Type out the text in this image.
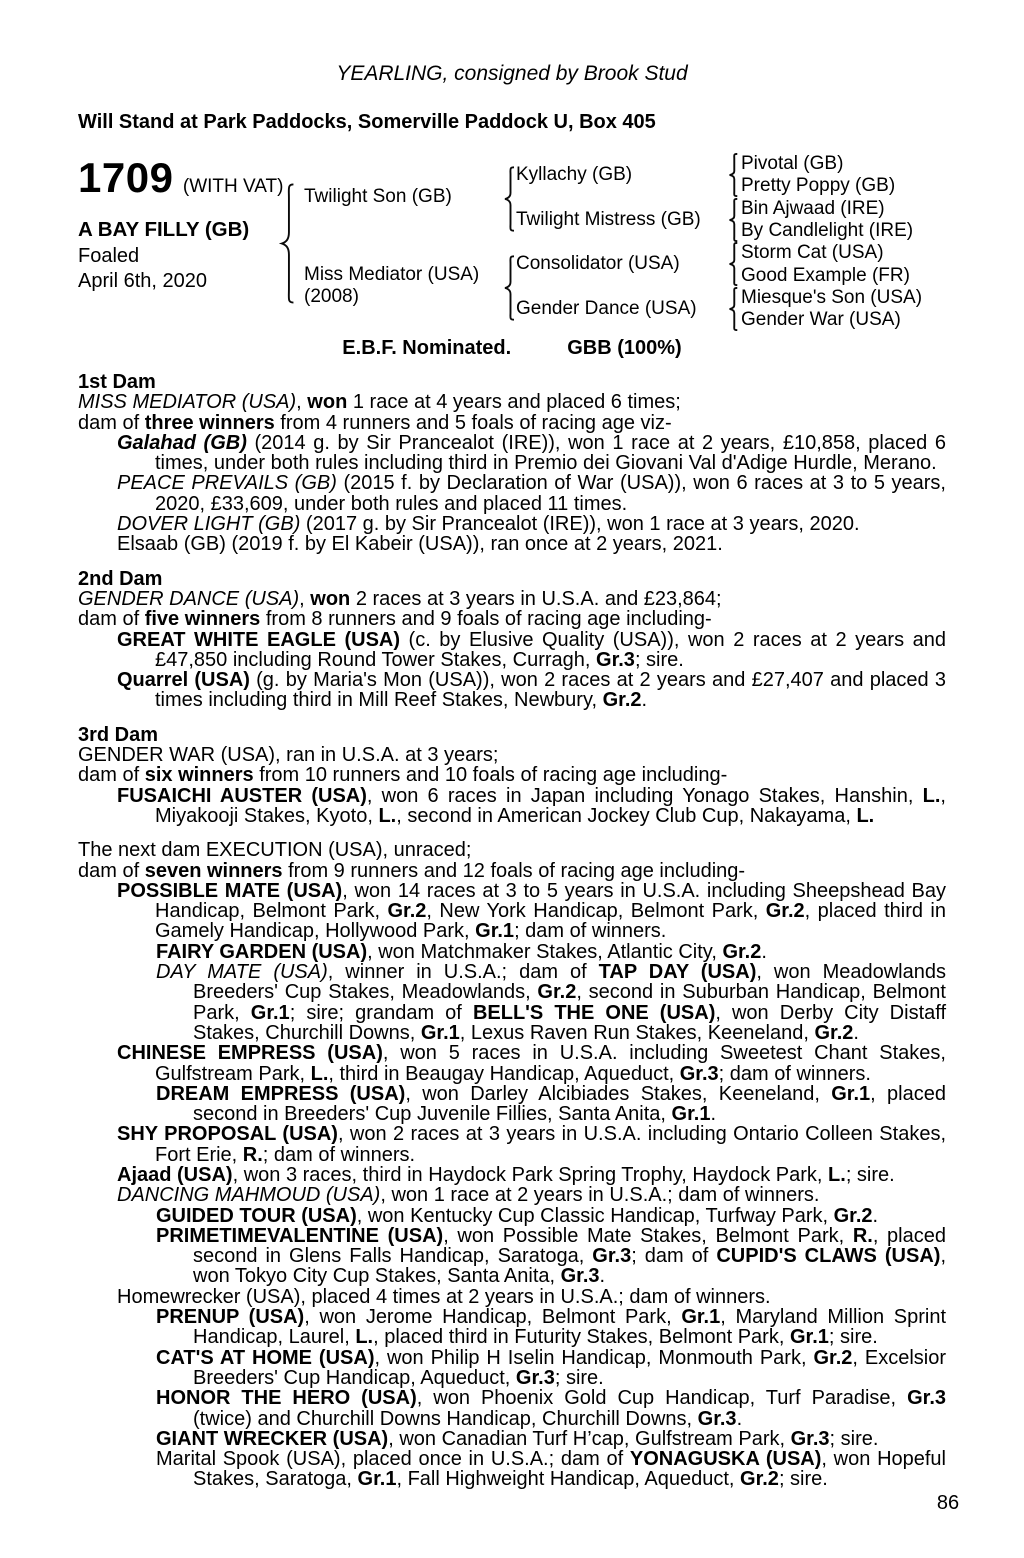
YEARLING, consigned by Brook Stud
Will Stand at Park Paddocks, Somerville Paddock U, Box 405
1709 (WITH VAT)
A BAY FILLY (GB)
Foaled
April 6th, 2020
Twilight Son (GB)
Miss Mediator (USA)
(2008)
Kyllachy (GB)
Twilight Mistress (GB)
Consolidator (USA)
Gender Dance (USA)
Pivotal (GB)
Pretty Poppy (GB)
Bin Ajwaad (IRE)
By Candlelight (IRE)
Storm Cat (USA)
Good Example (FR)
Miesque's Son (USA)
Gender War (USA)
E.B.F. Nominated.	GBB (100%)
1st Dam
MISS MEDIATOR (USA), won 1 race at 4 years and placed 6 times;
dam of three winners from 4 runners and 5 foals of racing age viz-
Galahad (GB) (2014 g. by Sir Prancealot (IRE)), won 1 race at 2 years, £10,858, placed 6 times, under both rules including third in Premio dei Giovani Val d'Adige Hurdle, Merano.
PEACE PREVAILS (GB) (2015 f. by Declaration of War (USA)), won 6 races at 3 to 5 years, 2020, £33,609, under both rules and placed 11 times.
DOVER LIGHT (GB) (2017 g. by Sir Prancealot (IRE)), won 1 race at 3 years, 2020.
Elsaab (GB) (2019 f. by El Kabeir (USA)), ran once at 2 years, 2021.
2nd Dam
GENDER DANCE (USA), won 2 races at 3 years in U.S.A. and £23,864;
dam of five winners from 8 runners and 9 foals of racing age including-
GREAT WHITE EAGLE (USA) (c. by Elusive Quality (USA)), won 2 races at 2 years and £47,850 including Round Tower Stakes, Curragh, Gr.3; sire.
Quarrel (USA) (g. by Maria's Mon (USA)), won 2 races at 2 years and £27,407 and placed 3 times including third in Mill Reef Stakes, Newbury, Gr.2.
3rd Dam
GENDER WAR (USA), ran in U.S.A. at 3 years;
dam of six winners from 10 runners and 10 foals of racing age including-
FUSAICHI AUSTER (USA), won 6 races in Japan including Yonago Stakes, Hanshin, L., Miyakooji Stakes, Kyoto, L., second in American Jockey Club Cup, Nakayama, L.
The next dam EXECUTION (USA), unraced;
dam of seven winners from 9 runners and 12 foals of racing age including-
POSSIBLE MATE (USA), won 14 races at 3 to 5 years in U.S.A. including Sheepshead Bay Handicap, Belmont Park, Gr.2, New York Handicap, Belmont Park, Gr.2, placed third in Gamely Handicap, Hollywood Park, Gr.1; dam of winners.
FAIRY GARDEN (USA), won Matchmaker Stakes, Atlantic City, Gr.2.
DAY MATE (USA), winner in U.S.A.; dam of TAP DAY (USA), won Meadowlands Breeders' Cup Stakes, Meadowlands, Gr.2, second in Suburban Handicap, Belmont Park, Gr.1; sire; grandam of BELL'S THE ONE (USA), won Derby City Distaff Stakes, Churchill Downs, Gr.1, Lexus Raven Run Stakes, Keeneland, Gr.2.
CHINESE EMPRESS (USA), won 5 races in U.S.A. including Sweetest Chant Stakes, Gulfstream Park, L., third in Beaugay Handicap, Aqueduct, Gr.3; dam of winners.
DREAM EMPRESS (USA), won Darley Alcibiades Stakes, Keeneland, Gr.1, placed second in Breeders' Cup Juvenile Fillies, Santa Anita, Gr.1.
SHY PROPOSAL (USA), won 2 races at 3 years in U.S.A. including Ontario Colleen Stakes, Fort Erie, R.; dam of winners.
Ajaad (USA), won 3 races, third in Haydock Park Spring Trophy, Haydock Park, L.; sire.
DANCING MAHMOUD (USA), won 1 race at 2 years in U.S.A.; dam of winners.
GUIDED TOUR (USA), won Kentucky Cup Classic Handicap, Turfway Park, Gr.2.
PRIMETIMEVALENTINE (USA), won Possible Mate Stakes, Belmont Park, R., placed second in Glens Falls Handicap, Saratoga, Gr.3; dam of CUPID'S CLAWS (USA), won Tokyo City Cup Stakes, Santa Anita, Gr.3.
Homewrecker (USA), placed 4 times at 2 years in U.S.A.; dam of winners.
PRENUP (USA), won Jerome Handicap, Belmont Park, Gr.1, Maryland Million Sprint Handicap, Laurel, L., placed third in Futurity Stakes, Belmont Park, Gr.1; sire.
CAT'S AT HOME (USA), won Philip H Iselin Handicap, Monmouth Park, Gr.2, Excelsior Breeders' Cup Handicap, Aqueduct, Gr.3; sire.
HONOR THE HERO (USA), won Phoenix Gold Cup Handicap, Turf Paradise, Gr.3 (twice) and Churchill Downs Handicap, Churchill Downs, Gr.3.
GIANT WRECKER (USA), won Canadian Turf H’cap, Gulfstream Park, Gr.3; sire.
Marital Spook (USA), placed once in U.S.A.; dam of YONAGUSKA (USA), won Hopeful Stakes, Saratoga, Gr.1, Fall Highweight Handicap, Aqueduct, Gr.2; sire.
86
